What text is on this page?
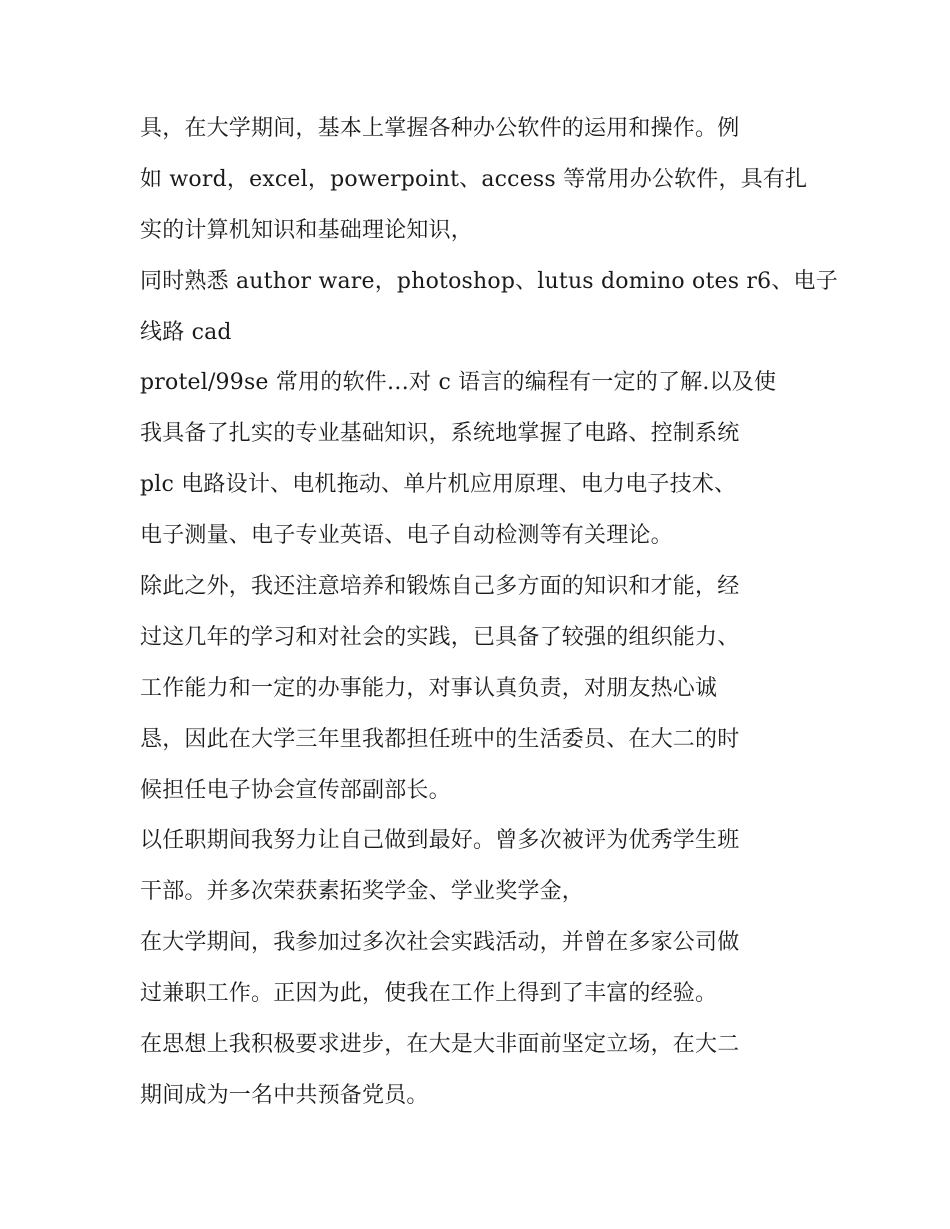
具，在大学期间，基本上掌握各种办公软件的运用和操作。例
如 word，excel，powerpoint、access 等常用办公软件，具有扎
实的计算机知识和基础理论知识，
同时熟悉 author ware，photoshop、lutus domino otes r6、电子
线路 cad
protel/99se 常用的软件…对 c 语言的编程有一定的了解.以及使
我具备了扎实的专业基础知识，系统地掌握了电路、控制系统
plc 电路设计、电机拖动、单片机应用原理、电力电子技术、
电子测量、电子专业英语、电子自动检测等有关理论。
除此之外，我还注意培养和锻炼自己多方面的知识和才能，经
过这几年的学习和对社会的实践，已具备了较强的组织能力、
工作能力和一定的办事能力，对事认真负责，对朋友热心诚
恳，因此在大学三年里我都担任班中的生活委员、在大二的时
候担任电子协会宣传部副部长。
以任职期间我努力让自己做到最好。曾多次被评为优秀学生班
干部。并多次荣获素拓奖学金、学业奖学金，
在大学期间，我参加过多次社会实践活动，并曾在多家公司做
过兼职工作。正因为此，使我在工作上得到了丰富的经验。
在思想上我积极要求进步，在大是大非面前坚定立场，在大二
期间成为一名中共预备党员。
